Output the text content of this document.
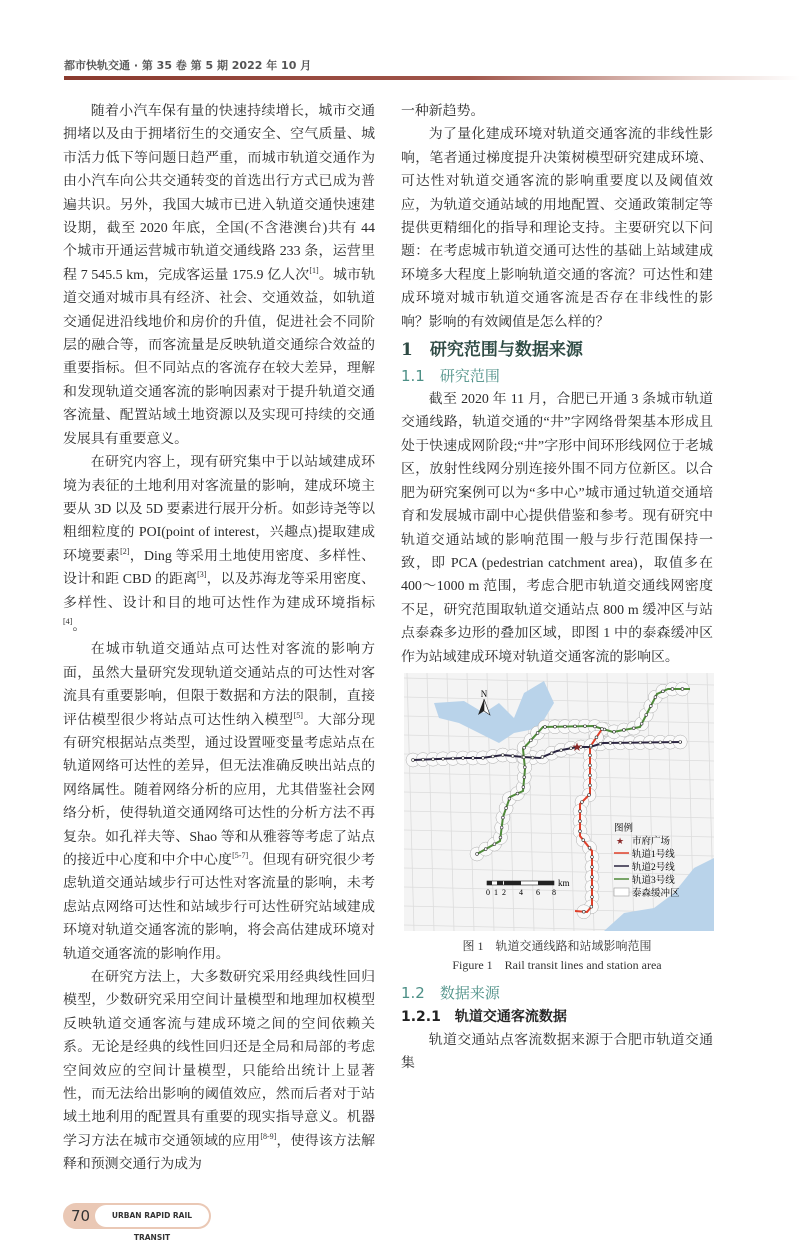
都市快轨交通 · 第 35 卷 第 5 期 2022 年 10 月

随着小汽车保有量的快速持续增长，城市交通拥堵以及由于拥堵衍生的交通安全、空气质量、城市活力低下等问题日趋严重，而城市轨道交通作为由小汽车向公共交通转变的首选出行方式已成为普遍共识。另外，我国大城市已进入轨道交通快速建设期，截至 2020 年底，全国(不含港澳台)共有 44 个城市开通运营城市轨道交通线路 233 条，运营里程 7 545.5 km，完成客运量 175.9 亿人次[1]。城市轨道交通对城市具有经济、社会、交通效益，如轨道交通促进沿线地价和房价的升值，促进社会不同阶层的融合等，而客流量是反映轨道交通综合效益的重要指标。但不同站点的客流存在较大差异，理解和发现轨道交通客流的影响因素对于提升轨道交通客流量、配置站域土地资源以及实现可持续的交通发展具有重要意义。

在研究内容上，现有研究集中于以站域建成环境为表征的土地利用对客流量的影响，建成环境主要从 3D 以及 5D 要素进行展开分析。如彭诗尧等以粗细粒度的 POI(point of interest，兴趣点)提取建成环境要素[2]，Ding 等采用土地使用密度、多样性、设计和距 CBD 的距离[3]，以及苏海龙等采用密度、多样性、设计和目的地可达性作为建成环境指标[4]。

在城市轨道交通站点可达性对客流的影响方面，虽然大量研究发现轨道交通站点的可达性对客流具有重要影响，但限于数据和方法的限制，直接评估模型很少将站点可达性纳入模型[5]。大部分现有研究根据站点类型，通过设置哑变量考虑站点在轨道网络可达性的差异，但无法准确反映出站点的网络属性。随着网络分析的应用，尤其借鉴社会网络分析，使得轨道交通网络可达性的分析方法不再复杂。如孔祥夫等、Shao 等和从雅蓉等考虑了站点的接近中心度和中介中心度[5-7]。但现有研究很少考虑轨道交通站域步行可达性对客流量的影响，未考虑站点网络可达性和站域步行可达性研究站域建成环境对轨道交通客流的影响，将会高估建成环境对轨道交通客流的影响作用。

在研究方法上，大多数研究采用经典线性回归模型，少数研究采用空间计量模型和地理加权模型反映轨道交通客流与建成环境之间的空间依赖关系。无论是经典的线性回归还是全局和局部的考虑空间效应的空间计量模型，只能给出统计上显著性，而无法给出影响的阈值效应，然而后者对于站域土地利用的配置具有重要的现实指导意义。机器学习方法在城市交通领域的应用[8-9]，使得该方法解释和预测交通行为成为

70	URBAN RAPID RAIL TRANSIT

一种新趋势。

为了量化建成环境对轨道交通客流的非线性影响，笔者通过梯度提升决策树模型研究建成环境、可达性对轨道交通客流的影响重要度以及阈值效应，为轨道交通站域的用地配置、交通政策制定等提供更精细化的指导和理论支持。主要研究以下问题：在考虑城市轨道交通可达性的基础上站域建成环境多大程度上影响轨道交通的客流？可达性和建成环境对城市轨道交通客流是否存在非线性的影响？影响的有效阈值是怎么样的？

1　研究范围与数据来源
1.1　研究范围

截至 2020 年 11 月，合肥已开通 3 条城市轨道交通线路，轨道交通的“井”字网络骨架基本形成且处于快速成网阶段;“井”字形中间环形线网位于老城区，放射性线网分别连接外围不同方位新区。以合肥为研究案例可以为“多中心”城市通过轨道交通培育和发展城市副中心提供借鉴和参考。现有研究中轨道交通站域的影响范围一般与步行范围保持一致，即 PCA (pedestrian catchment area)，取值多在 400～1000 m 范围，考虑合肥市轨道交通线网密度不足，研究范围取轨道交通站点 800 m 缓冲区与站点泰森多边形的叠加区域，即图 1 中的泰森缓冲区作为站域建成环境对轨道交通客流的影响区。

★
N
0 1 2 4 6 8
km
图例
★ 市府广场
轨道1号线
轨道2号线
轨道3号线
泰森缓冲区
图 1　轨道交通线路和站域影响范围
Figure 1　Rail transit lines and station area
1.2　数据来源
1.2.1　轨道交通客流数据

轨道交通站点客流数据来源于合肥市轨道交通集
